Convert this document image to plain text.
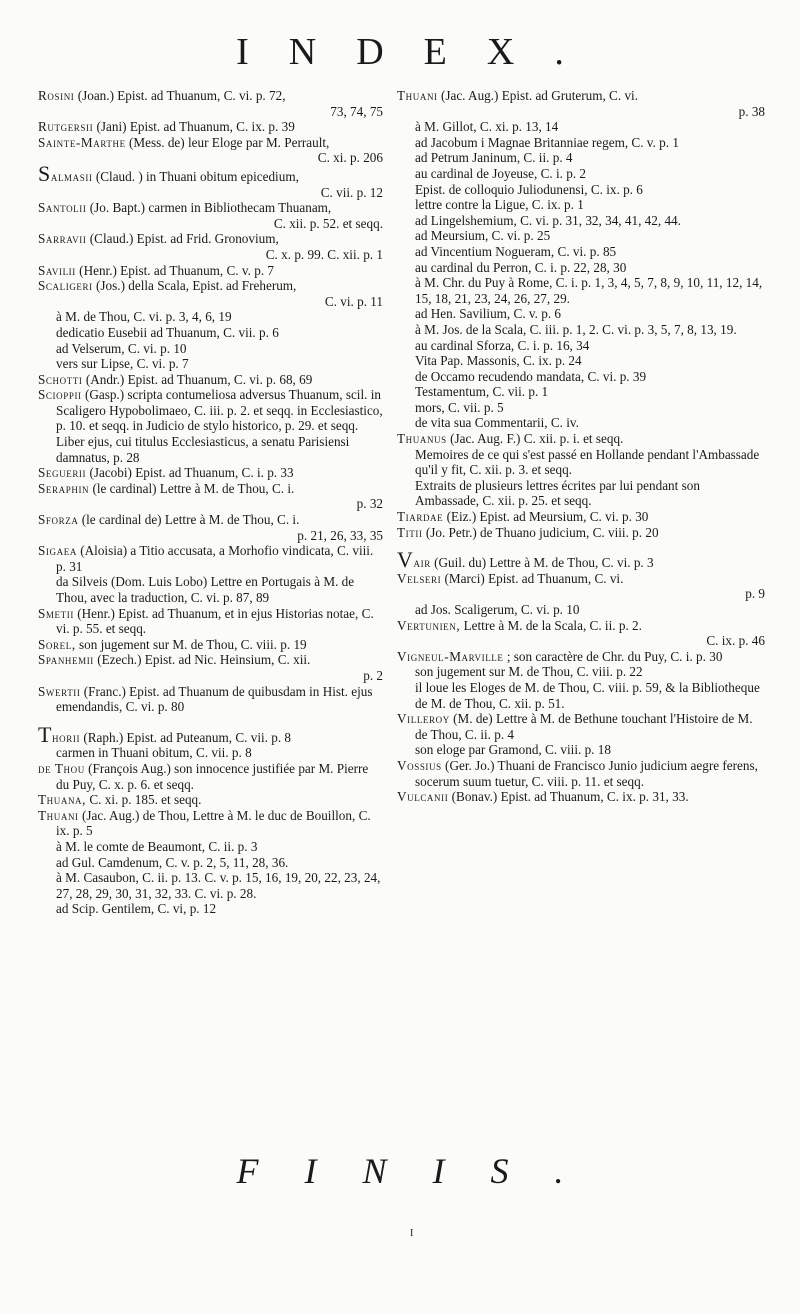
INDEX.

Rosini (Joan.) Epist. ad Thuanum, C. vi. p. 72,

73, 74, 75

Rutgersii (Jani) Epist. ad Thuanum, C. ix. p. 39

Sainte-Marthe (Mess. de) leur Eloge par M. Perrault,

C. xi. p. 206

Salmasii (Claud. ) in Thuani obitum epicedium,

C. vii. p. 12

Santolii (Jo. Bapt.) carmen in Bibliothecam Thuanam,

C. xii. p. 52. et seqq.

Sarravii (Claud.) Epist. ad Frid. Gronovium,

C. x. p. 99. C. xii. p. 1

Savilii (Henr.) Epist. ad Thuanum, C. v. p. 7

Scaligeri (Jos.) della Scala, Epist. ad Freherum,

C. vi. p. 11

à M. de Thou, C. vi. p. 3, 4, 6, 19

dedicatio Eusebii ad Thuanum, C. vii. p. 6

ad Velserum, C. vi. p. 10

vers sur Lipse, C. vi. p. 7

Schotti (Andr.) Epist. ad Thuanum, C. vi. p. 68, 69

Scioppii (Gasp.) scripta contumeliosa adversus Thuanum, scil. in Scaligero Hypobolimaeo, C. iii. p. 2. et seqq. in Ecclesiastico, p. 10. et seqq. in Judicio de stylo historico, p. 29. et seqq. Liber ejus, cui titulus Ecclesiasticus, a senatu Parisiensi damnatus, p. 28

Seguerii (Jacobi) Epist. ad Thuanum, C. i. p. 33

Seraphin (le cardinal) Lettre à M. de Thou, C. i.

p. 32

Sforza (le cardinal de) Lettre à M. de Thou, C. i.

p. 21, 26, 33, 35

Sigaea (Aloisia) a Titio accusata, a Morhofio vindicata, C. viii. p. 31

da Silveis (Dom. Luis Lobo) Lettre en Portugais à M. de Thou, avec la traduction, C. vi. p. 87, 89

Smetii (Henr.) Epist. ad Thuanum, et in ejus Historias notae, C. vi. p. 55. et seqq.

Sorel, son jugement sur M. de Thou, C. viii. p. 19

Spanhemii (Ezech.) Epist. ad Nic. Heinsium, C. xii.

p. 2

Swertii (Franc.) Epist. ad Thuanum de quibusdam in Hist. ejus emendandis, C. vi. p. 80

Thorii (Raph.) Epist. ad Puteanum, C. vii. p. 8

carmen in Thuani obitum, C. vii. p. 8

de Thou (François Aug.) son innocence justifiée par M. Pierre du Puy, C. x. p. 6. et seqq.

Thuana, C. xi. p. 185. et seqq.

Thuani (Jac. Aug.) de Thou, Lettre à M. le duc de Bouillon, C. ix. p. 5

à M. le comte de Beaumont, C. ii. p. 3

ad Gul. Camdenum, C. v. p. 2, 5, 11, 28, 36.

à M. Casaubon, C. ii. p. 13. C. v. p. 15, 16, 19, 20, 22, 23, 24, 27, 28, 29, 30, 31, 32, 33. C. vi. p. 28.

ad Scip. Gentilem, C. vi, p. 12

Thuani (Jac. Aug.) Epist. ad Gruterum, C. vi.

p. 38

à M. Gillot, C. xi. p. 13, 14

ad Jacobum i Magnae Britanniae regem, C. v. p. 1

ad Petrum Janinum, C. ii. p. 4

au cardinal de Joyeuse, C. i. p. 2

Epist. de colloquio Juliodunensi, C. ix. p. 6

lettre contre la Ligue, C. ix. p. 1

ad Lingelshemium, C. vi. p. 31, 32, 34, 41, 42, 44.

ad Meursium, C. vi. p. 25

ad Vincentium Nogueram, C. vi. p. 85

au cardinal du Perron, C. i. p. 22, 28, 30

à M. Chr. du Puy à Rome, C. i. p. 1, 3, 4, 5, 7, 8, 9, 10, 11, 12, 14, 15, 18, 21, 23, 24, 26, 27, 29.

ad Hen. Savilium, C. v. p. 6

à M. Jos. de la Scala, C. iii. p. 1, 2. C. vi. p. 3, 5, 7, 8, 13, 19.

au cardinal Sforza, C. i. p. 16, 34

Vita Pap. Massonis, C. ix. p. 24

de Occamo recudendo mandata, C. vi. p. 39

Testamentum, C. vii. p. 1

mors, C. vii. p. 5

de vita sua Commentarii, C. iv.

Thuanus (Jac. Aug. F.) C. xii. p. i. et seqq.

Memoires de ce qui s'est passé en Hollande pendant l'Ambassade qu'il y fit, C. xii. p. 3. et seqq.

Extraits de plusieurs lettres écrites par lui pendant son Ambassade, C. xii. p. 25. et seqq.

Tiardae (Eiz.) Epist. ad Meursium, C. vi. p. 30

Titii (Jo. Petr.) de Thuano judicium, C. viii. p. 20

Vair (Guil. du) Lettre à M. de Thou, C. vi. p. 3

Velseri (Marci) Epist. ad Thuanum, C. vi.

p. 9

ad Jos. Scaligerum, C. vi. p. 10

Vertunien, Lettre à M. de la Scala, C. ii. p. 2.

C. ix. p. 46

Vigneul-Marville ; son caractère de Chr. du Puy, C. i. p. 30

son jugement sur M. de Thou, C. viii. p. 22

il loue les Eloges de M. de Thou, C. viii. p. 59, & la Bibliotheque de M. de Thou, C. xii. p. 51.

Villeroy (M. de) Lettre à M. de Bethune touchant l'Histoire de M. de Thou, C. ii. p. 4

son eloge par Gramond, C. viii. p. 18

Vossius (Ger. Jo.) Thuani de Francisco Junio judicium aegre ferens, socerum suum tuetur, C. viii. p. 11. et seqq.

Vulcanii (Bonav.) Epist. ad Thuanum, C. ix. p. 31, 33.

FINIS.
I
